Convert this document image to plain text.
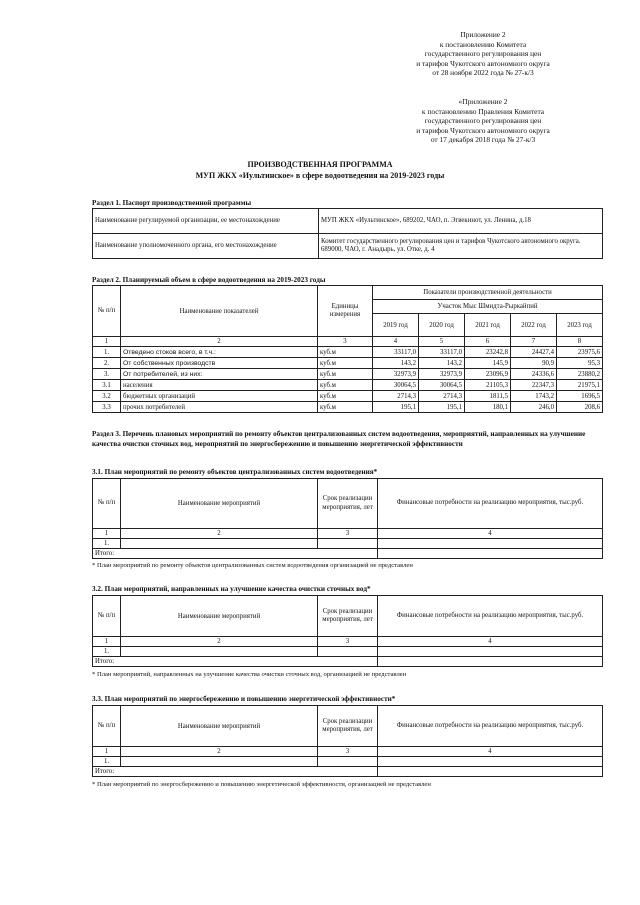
Приложение 2
к постановлению Комитета
государственного регулирования цен
и тарифов Чукотского автономного округа
от 28 ноября 2022 года № 27-к/3
«Приложение 2
к постановлению Правления Комитета
государственного регулирования цен
и тарифов Чукотского автономного округа
от 17 декабря 2018 года № 27-к/3
ПРОИЗВОДСТВЕННАЯ ПРОГРАММА
МУП ЖКХ «Иультинское» в сфере водоотведения на 2019-2023 годы
Раздел 1. Паспорт производственной программы
Наименование регулируемой организации, ее местонахождение	МУП ЖКХ «Иультинское», 689202, ЧАО, п. Эгвекинот, ул. Ленина, д.18
Наименование уполномоченного органа, его местонахождение	Комитет государственного регулирования цен и тарифов Чукотского автономного округа. 689000, ЧАО, г. Анадырь, ул. Отке, д. 4
Раздел 2. Планируемый объем в сфере водоотведения на 2019-2023 годы
№ п/п	Наименование показателей	Единицы измерения	Показатели производственной деятельности				
			Участок Мыс Шмидта-Рыркайпий				
			2019 год	2020 год	2021 год	2022 год	2023 год
1	2	3	4	5	6	7	8
1.	Отведено стоков всего, в т.ч.:	куб.м	33117,0	33117,0	23242,8	24427,4	23975,6
2.	От собственных производств	куб.м	143,2	143,2	145,9	90,9	95,3
3.	От потребителей, из них:	куб.м	32973,9	32973,9	23096,9	24336,6	23880,2
3.1	населения	куб.м	30064,5	30064,5	21105,3	22347,3	21975,1
3.2	бюджетных организаций	куб.м	2714,3	2714,3	1811,5	1743,2	1696,5
3.3	прочих потребителей	куб.м	195,1	195,1	180,1	246,0	208,6
Раздел 3. Перечень плановых мероприятий по ремонту объектов централизованных систем водоотведения, мероприятий, направленных на улучшение качества очистки сточных вод, мероприятий по энергосбережению и повышению энергетической эффективности
3.1. План мероприятий по ремонту объектов централизованных систем водоотведения*
№ п/п	Наименование мероприятий	Срок реализации мероприятия, лет	Финансовые потребности на реализацию мероприятия, тыс.руб.
1	2	3	4
1.			
Итого:			
* План мероприятий по ремонту объектов централизованных систем водоотведения организацией не представлен
3.2. План мероприятий, направленных на улучшение качества очистки сточных вод*
№ п/п	Наименование мероприятий	Срок реализации мероприятия, лет	Финансовые потребности на реализацию мероприятия, тыс.руб.
1	2	3	4
1.			
Итого:			
* План мероприятий, направленных на улучшение качества очистки сточных вод, организацией не представлен
3.3. План мероприятий по энергосбережению и повышению энергетической эффективности*
№ п/п	Наименование мероприятий	Срок реализации мероприятия, лет	Финансовые потребности на реализацию мероприятия, тыс.руб.
1	2	3	4
1.			
Итого:			
* План мероприятий по энергосбережению и повышению энергетической эффективности, организацией не представлен
